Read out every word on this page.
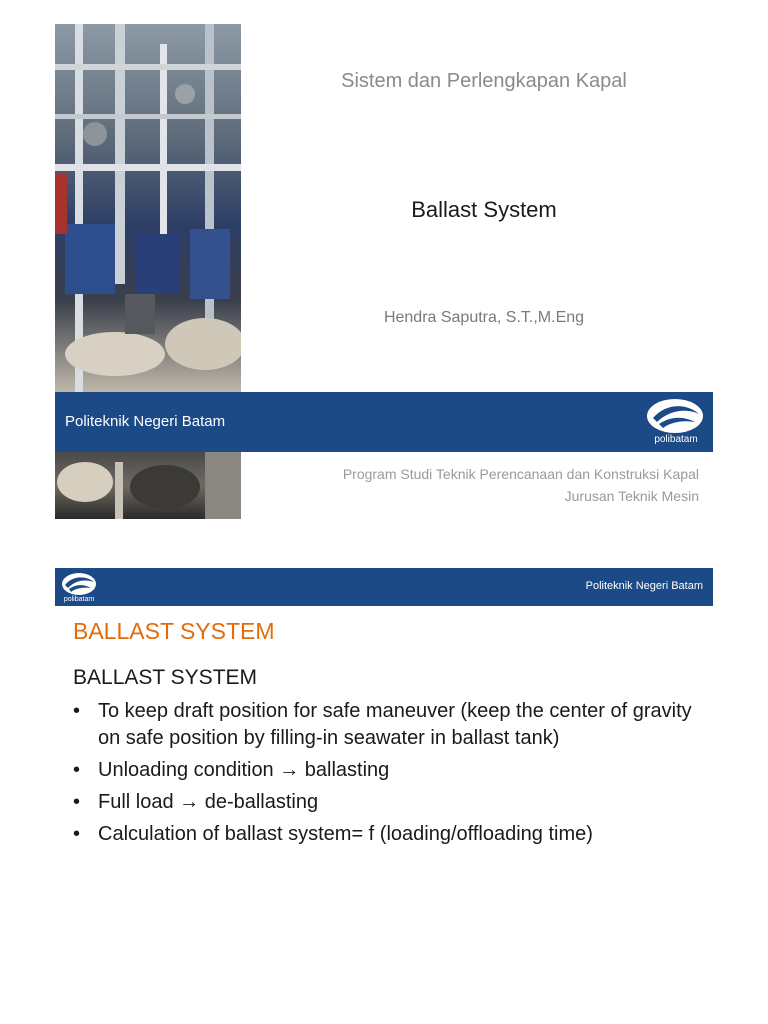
Sistem dan Perlengkapan Kapal
Ballast System
Hendra Saputra, S.T.,M.Eng
Politeknik Negeri Batam
polibatam
Program Studi Teknik Perencanaan dan Konstruksi Kapal
Jurusan Teknik Mesin
polibatam
Politeknik Negeri Batam
BALLAST SYSTEM
BALLAST SYSTEM
• To keep draft position for safe maneuver (keep the center of gravity on safe position by filling-in seawater in ballast tank)
• Unloading condition → ballasting
• Full load → de-ballasting
• Calculation of ballast system= f (loading/offloading time)
